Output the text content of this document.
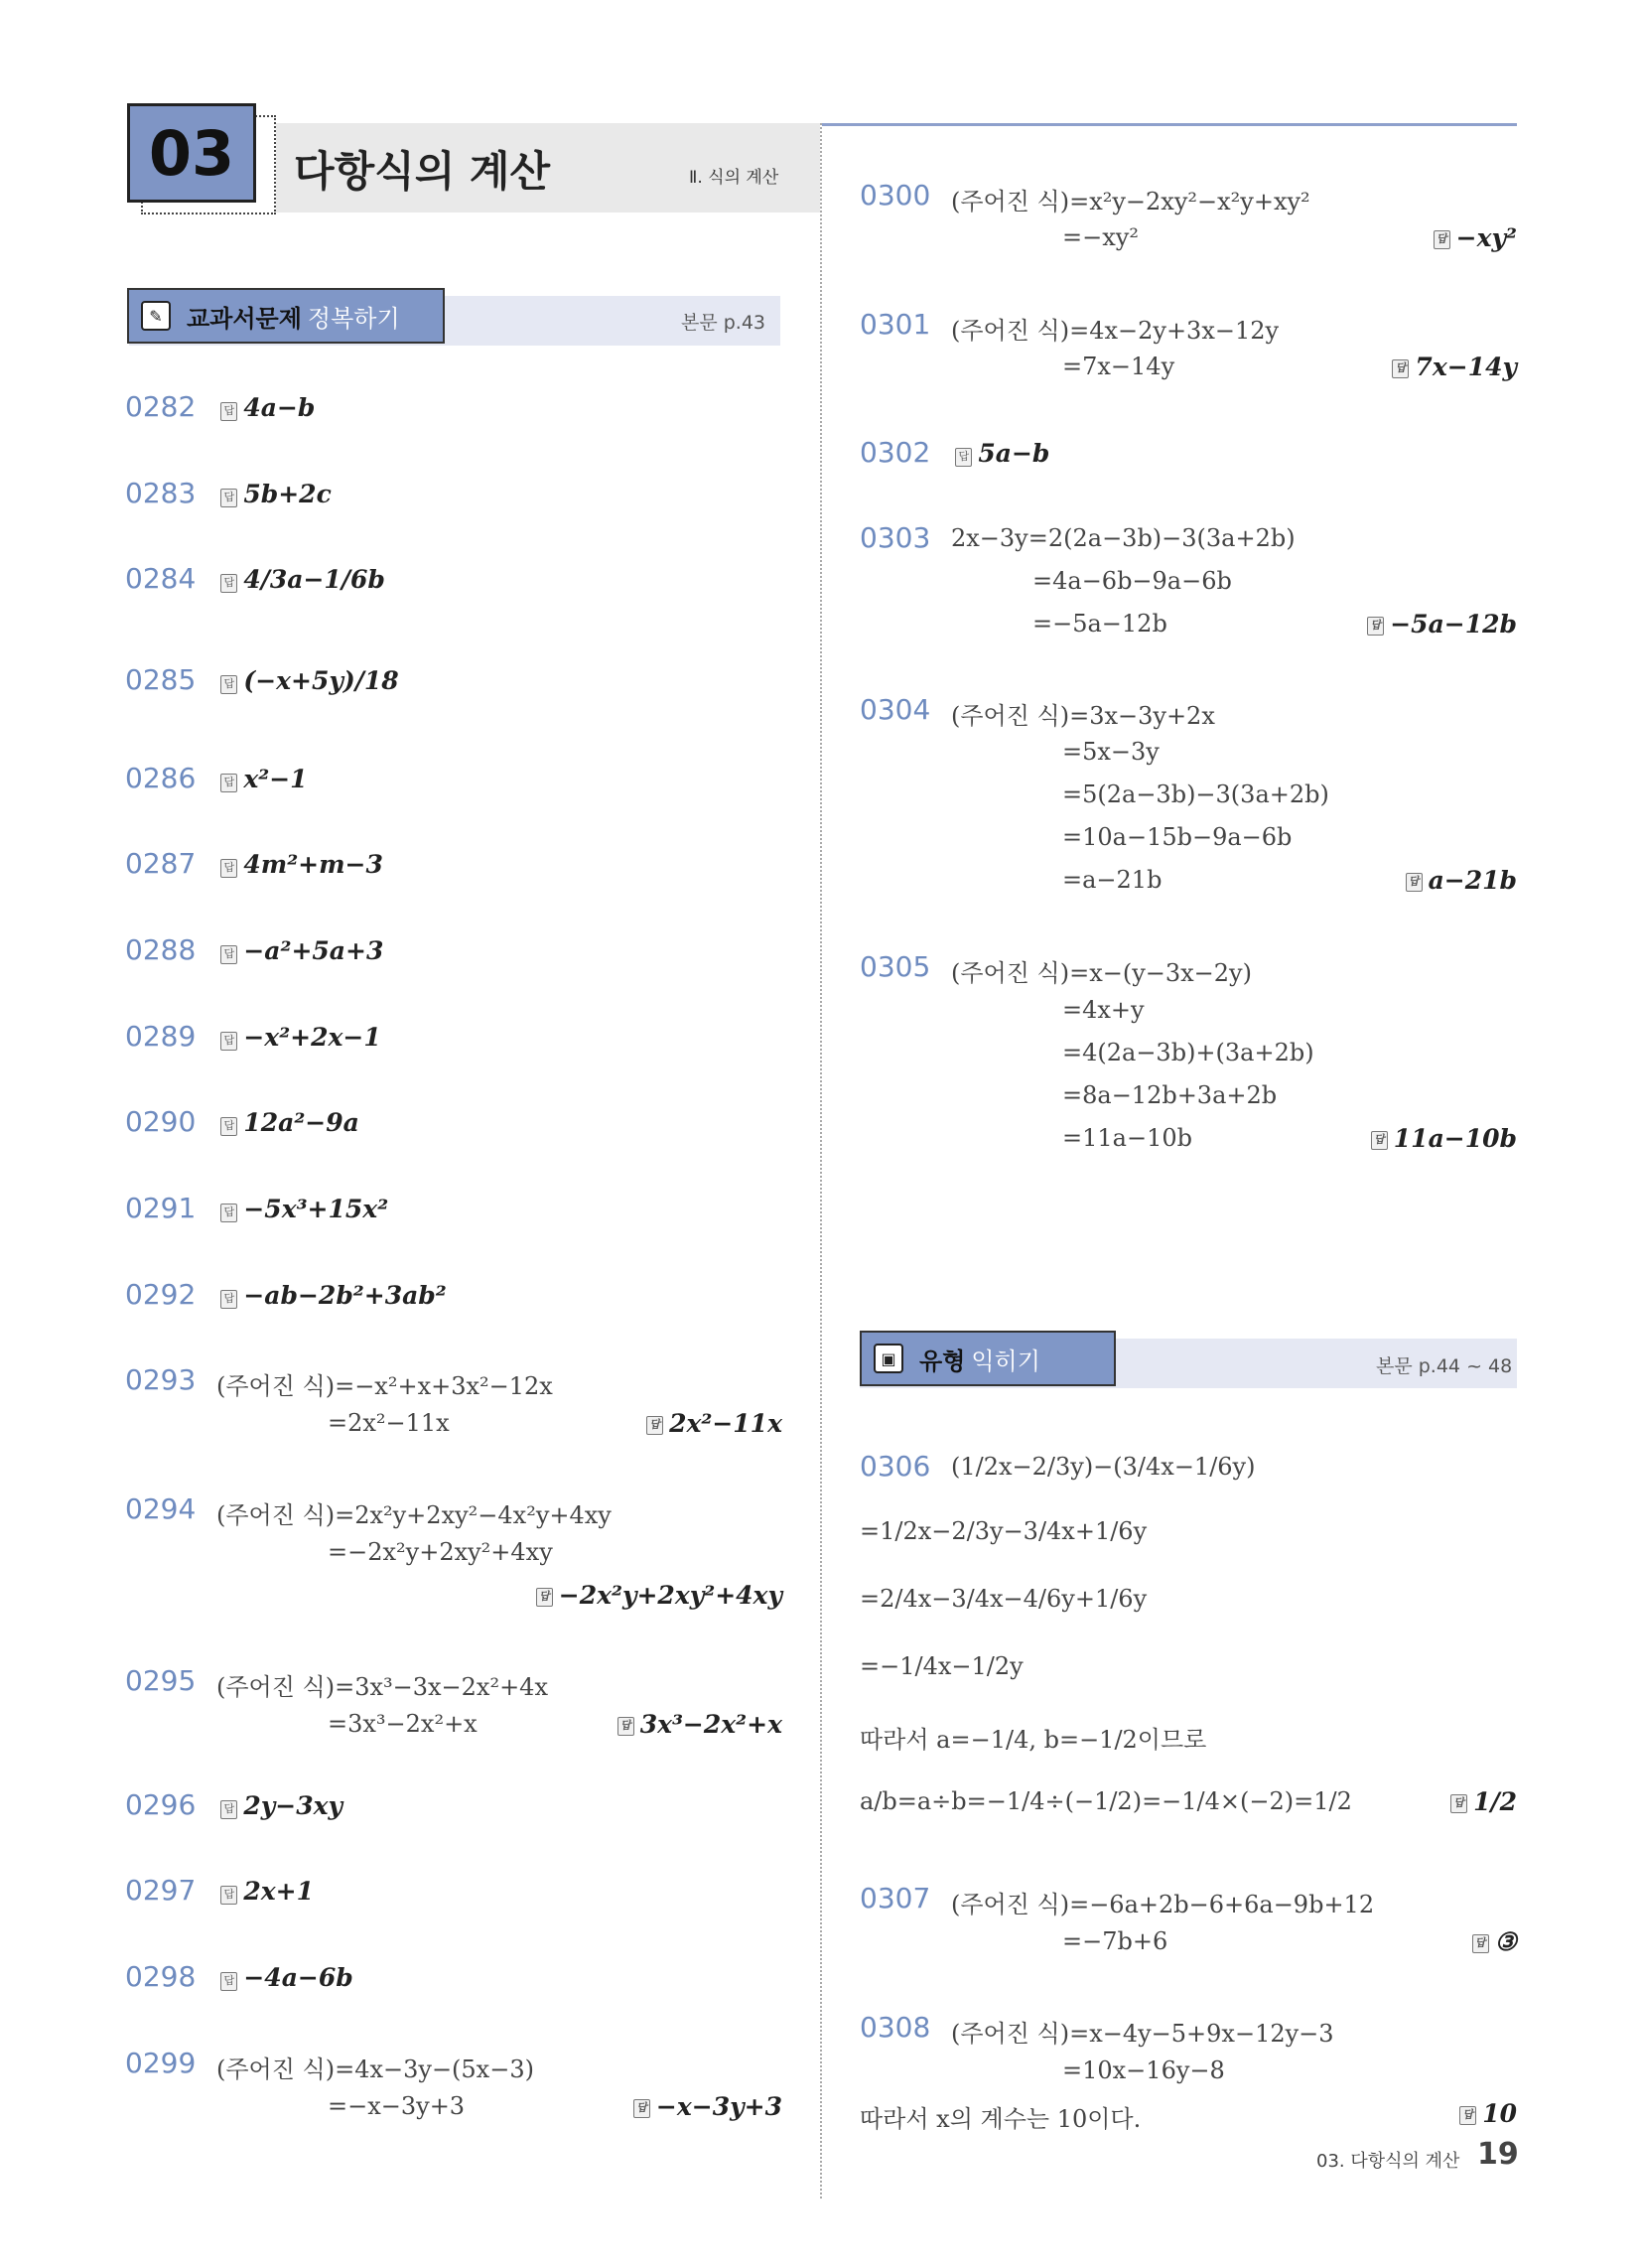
03	다항식의 계산	Ⅱ. 식의 계산
✎	교과서문제 정복하기	본문 p.43
0282	답 4a−b
0283	답 5b+2c
0284	답 4/3a−1/6b
0285	답 (−x+5y)/18
0286	답 x²−1
0287	답 4m²+m−3
0288	답 −a²+5a+3
0289	답 −x²+2x−1
0290	답 12a²−9a
0291	답 −5x³+15x²
0292	답 −ab−2b²+3ab²
0293 (주어진 식)=−x²+x+3x²−12x
=2x²−11x	답 2x²−11x
0294 (주어진 식)=2x²y+2xy²−4x²y+4xy
=−2x²y+2xy²+4xy
답 −2x²y+2xy²+4xy
0295 (주어진 식)=3x³−3x−2x²+4x
=3x³−2x²+x	답 3x³−2x²+x
0296	답 2y−3xy
0297	답 2x+1
0298	답 −4a−6b
0299 (주어진 식)=4x−3y−(5x−3)
=−x−3y+3	답 −x−3y+3
0300 (주어진 식)=x²y−2xy²−x²y+xy²
=−xy²	답 −xy²
0301 (주어진 식)=4x−2y+3x−12y
=7x−14y	답 7x−14y
0302	답 5a−b
0303 2x−3y=2(2a−3b)−3(3a+2b)
=4a−6b−9a−6b
=−5a−12b	답 −5a−12b
0304 (주어진 식)=3x−3y+2x
=5x−3y
=5(2a−3b)−3(3a+2b)
=10a−15b−9a−6b
=a−21b	답 a−21b
0305 (주어진 식)=x−(y−3x−2y)
=4x+y
=4(2a−3b)+(3a+2b)
=8a−12b+3a+2b
=11a−10b	답 11a−10b
▣ 유형 익히기	본문 p.44 ~ 48
0306 (1/2x−2/3y)−(3/4x−1/6y)
=1/2x−2/3y−3/4x+1/6y
=2/4x−3/4x−4/6y+1/6y
=−1/4x−1/2y
따라서 a=−1/4, b=−1/2이므로
a/b=a÷b=−1/4÷(−1/2)=−1/4×(−2)=1/2	답 1/2
0307 (주어진 식)=−6a+2b−6+6a−9b+12
=−7b+6	답 ③
0308 (주어진 식)=x−4y−5+9x−12y−3
=10x−16y−8
따라서 x의 계수는 10이다.	답 10
03. 다항식의 계산 19
